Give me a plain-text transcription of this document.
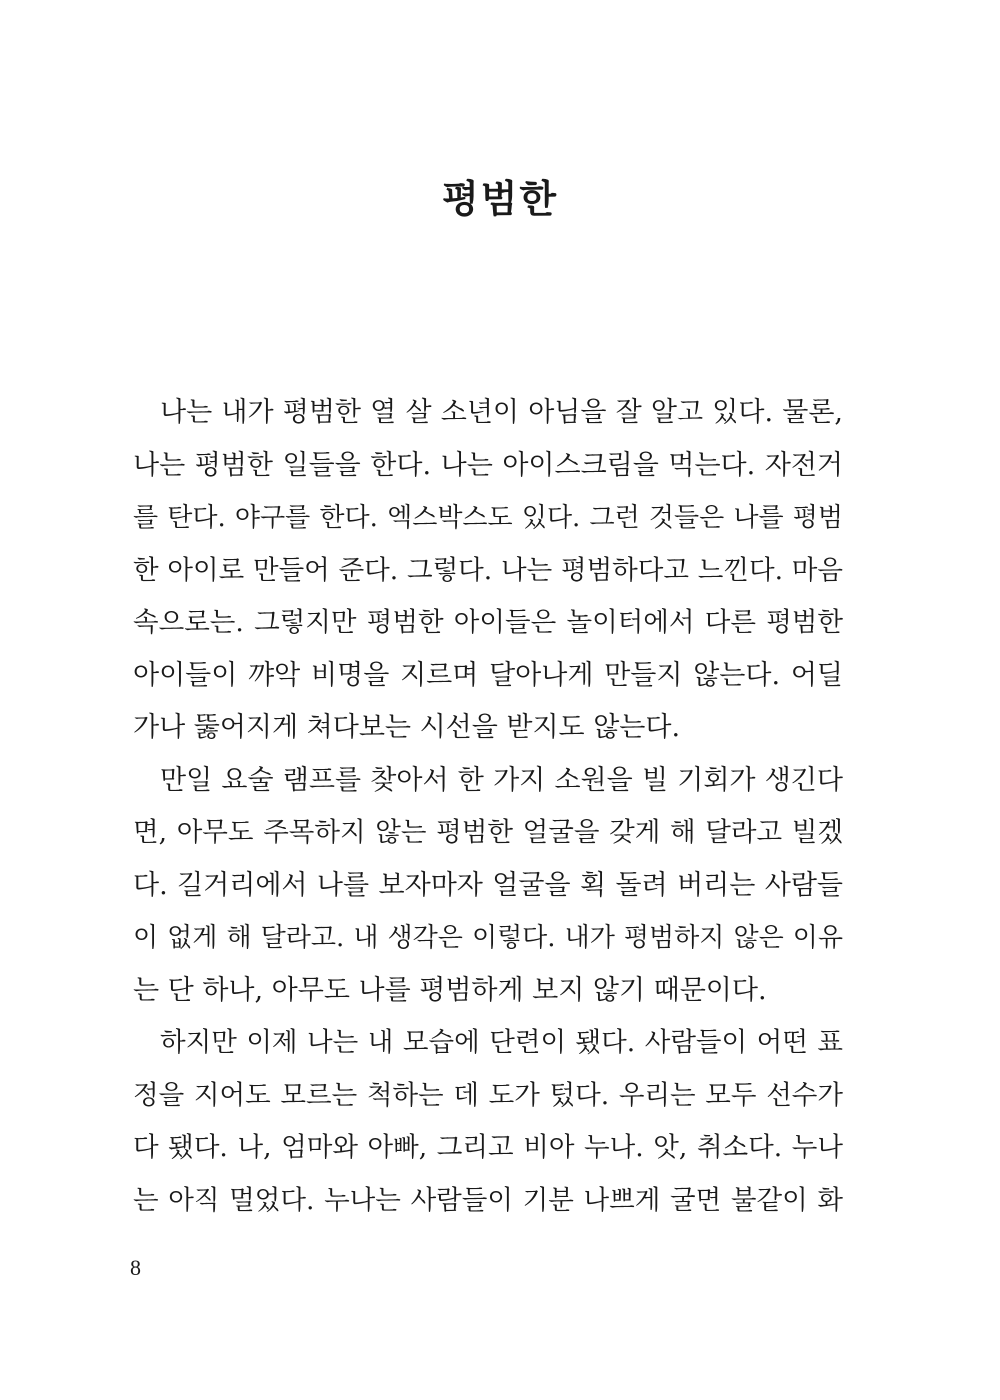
평범한
나는 내가 평범한 열 살 소년이 아님을 잘 알고 있다. 물론,
나는 평범한 일들을 한다. 나는 아이스크림을 먹는다. 자전거
를 탄다. 야구를 한다. 엑스박스도 있다. 그런 것들은 나를 평범
한 아이로 만들어 준다. 그렇다. 나는 평범하다고 느낀다. 마음
속으로는. 그렇지만 평범한 아이들은 놀이터에서 다른 평범한
아이들이 꺄악 비명을 지르며 달아나게 만들지 않는다. 어딜
가나 뚫어지게 쳐다보는 시선을 받지도 않는다.
만일 요술 램프를 찾아서 한 가지 소원을 빌 기회가 생긴다
면, 아무도 주목하지 않는 평범한 얼굴을 갖게 해 달라고 빌겠
다. 길거리에서 나를 보자마자 얼굴을 획 돌려 버리는 사람들
이 없게 해 달라고. 내 생각은 이렇다. 내가 평범하지 않은 이유
는 단 하나, 아무도 나를 평범하게 보지 않기 때문이다.
하지만 이제 나는 내 모습에 단련이 됐다. 사람들이 어떤 표
정을 지어도 모르는 척하는 데 도가 텄다. 우리는 모두 선수가
다 됐다. 나, 엄마와 아빠, 그리고 비아 누나. 앗, 취소다. 누나
는 아직 멀었다. 누나는 사람들이 기분 나쁘게 굴면 불같이 화
8
